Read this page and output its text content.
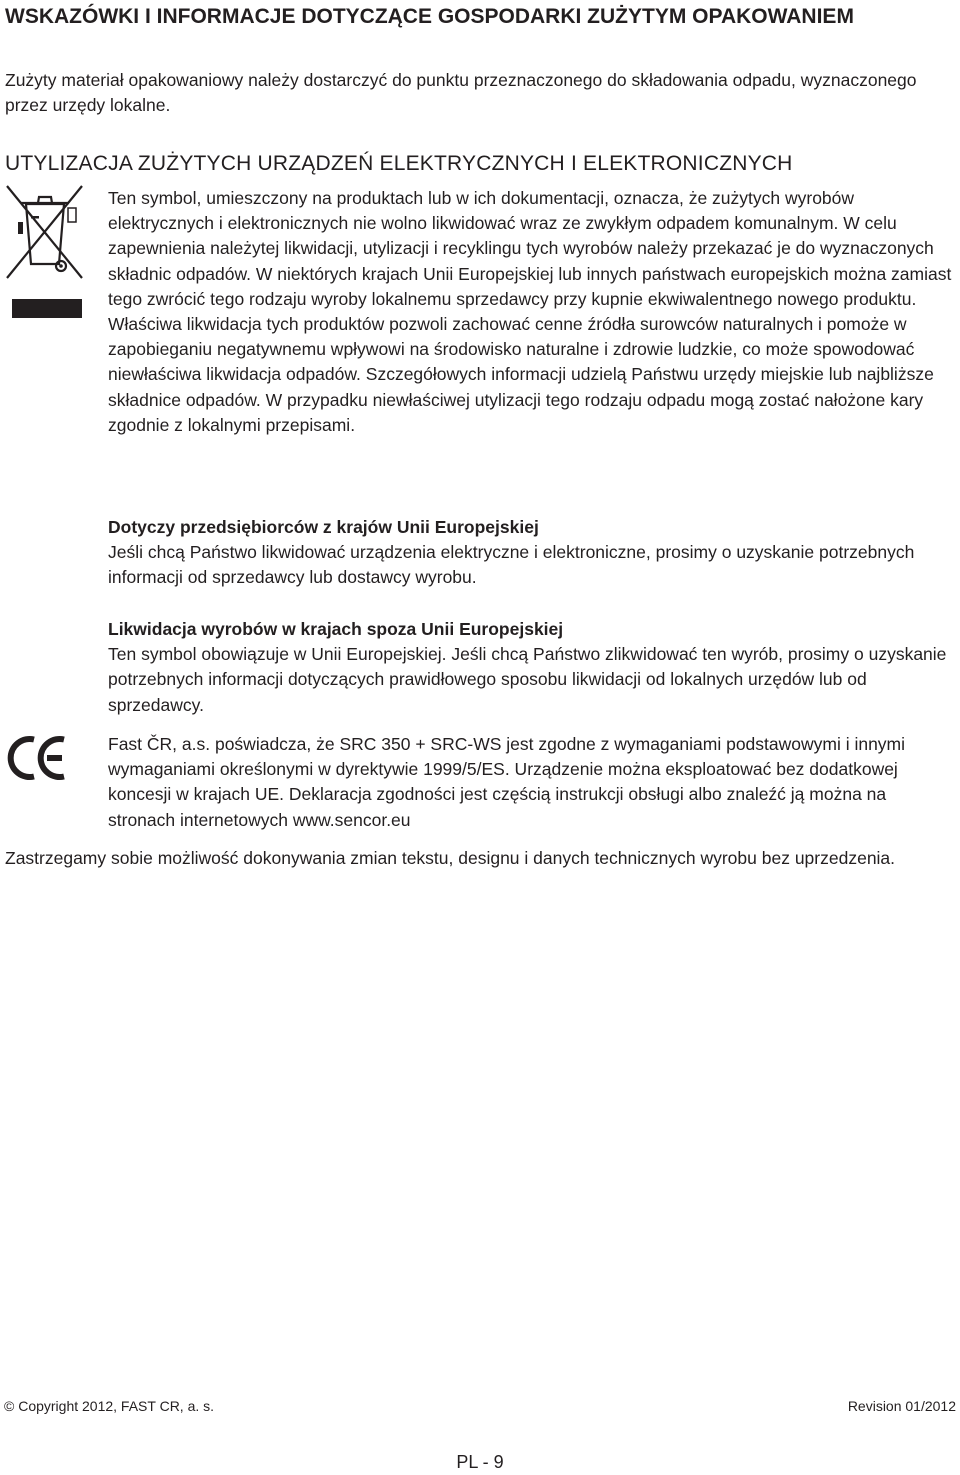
WSKAZÓWKI I INFORMACJE DOTYCZĄCE GOSPODARKI ZUŻYTYM OPAKOWANIEM

Zużyty materiał opakowaniowy należy dostarczyć do punktu przeznaczonego do składowania odpadu, wyznaczonego przez urzędy lokalne.

UTYLIZACJA ZUŻYTYCH URZĄDZEŃ ELEKTRYCZNYCH I ELEKTRONICZNYCH

Ten symbol, umieszczony na produktach lub w ich dokumentacji, oznacza, że zużytych wyrobów elektrycznych i elektronicznych nie wolno likwidować wraz ze zwykłym odpadem komunalnym. W celu zapewnienia należytej likwidacji, utylizacji i recyklingu tych wyrobów należy przekazać je do wyznaczonych składnic odpadów. W niektórych krajach Unii Europejskiej lub innych państwach europejskich można zamiast tego zwrócić tego rodzaju wyroby lokalnemu sprzedawcy przy kupnie ekwiwalentnego nowego produktu. Właściwa likwidacja tych produktów pozwoli zachować cenne źródła surowców naturalnych i pomoże w zapobieganiu negatywnemu wpływowi na środowisko naturalne i zdrowie ludzkie, co może spowodować niewłaściwa likwidacja odpadów. Szczegółowych informacji udzielą Państwu urzędy miejskie lub najbliższe składnice odpadów. W przypadku niewłaściwej utylizacji tego rodzaju odpadu mogą zostać nałożone kary zgodnie z lokalnymi przepisami.

Dotyczy przedsiębiorców z krajów Unii Europejskiej
Jeśli chcą Państwo likwidować urządzenia elektryczne i elektroniczne, prosimy o uzyskanie potrzebnych informacji od sprzedawcy lub dostawcy wyrobu.
Likwidacja wyrobów w krajach spoza Unii Europejskiej
Ten symbol obowiązuje w Unii Europejskiej. Jeśli chcą Państwo zlikwidować ten wyrób, prosimy o uzyskanie potrzebnych informacji dotyczących prawidłowego sposobu likwidacji od lokalnych urzędów lub od sprzedawcy.

Fast ČR, a.s. poświadcza, że SRC 350 + SRC-WS jest zgodne z wymaganiami podstawowymi i innymi wymaganiami określonymi w dyrektywie 1999/5/ES. Urządzenie można eksploatować bez dodatkowej koncesji w krajach UE. Deklaracja zgodności jest częścią instrukcji obsługi albo znaleźć ją można na stronach internetowych www.sencor.eu

Zastrzegamy sobie możliwość dokonywania zmian tekstu, designu i danych technicznych wyrobu bez uprzedzenia.

© Copyright 2012, FAST CR, a. s.	Revision 01/2012
PL - 9
